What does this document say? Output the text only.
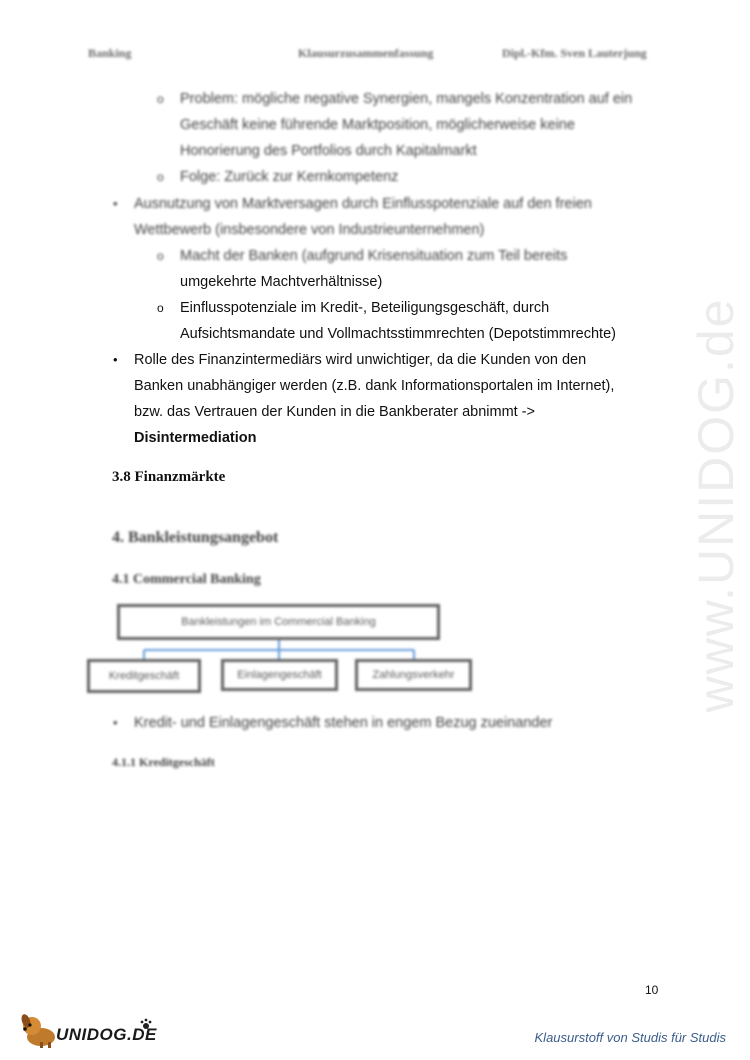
www.UNIDOG.de
Banking	Klausurzusammenfassung	Dipl.-Kfm. Sven Lauterjung
o Problem: mögliche negative Synergien, mangels Konzentration auf ein
Geschäft keine führende Marktposition, möglicherweise keine
Honorierung des Portfolios durch Kapitalmarkt
o Folge: Zurück zur Kernkompetenz
• Ausnutzung von Marktversagen durch Einflusspotenziale auf den freien
Wettbewerb (insbesondere von Industrieunternehmen)
o Macht der Banken (aufgrund Krisensituation zum Teil bereits
umgekehrte Machtverhältnisse)
o Einflusspotenziale im Kredit-, Beteiligungsgeschäft, durch
Aufsichtsmandate und Vollmachtsstimmrechten (Depotstimmrechte)
• Rolle des Finanzintermediärs wird unwichtiger, da die Kunden von den
Banken unabhängiger werden (z.B. dank Informationsportalen im Internet),
bzw. das Vertrauen der Kunden in die Bankberater abnimmt ->
Disintermediation
3.8 Finanzmärkte
4. Bankleistungsangebot
4.1 Commercial Banking
Bankleistungen im Commercial Banking
Kreditgeschäft	Einlagengeschäft	Zahlungsverkehr
• Kredit- und Einlagengeschäft stehen in engem Bezug zueinander
4.1.1 Kreditgeschäft
10
UNIDOG.DE	Klausurstoff von Studis für Studis
